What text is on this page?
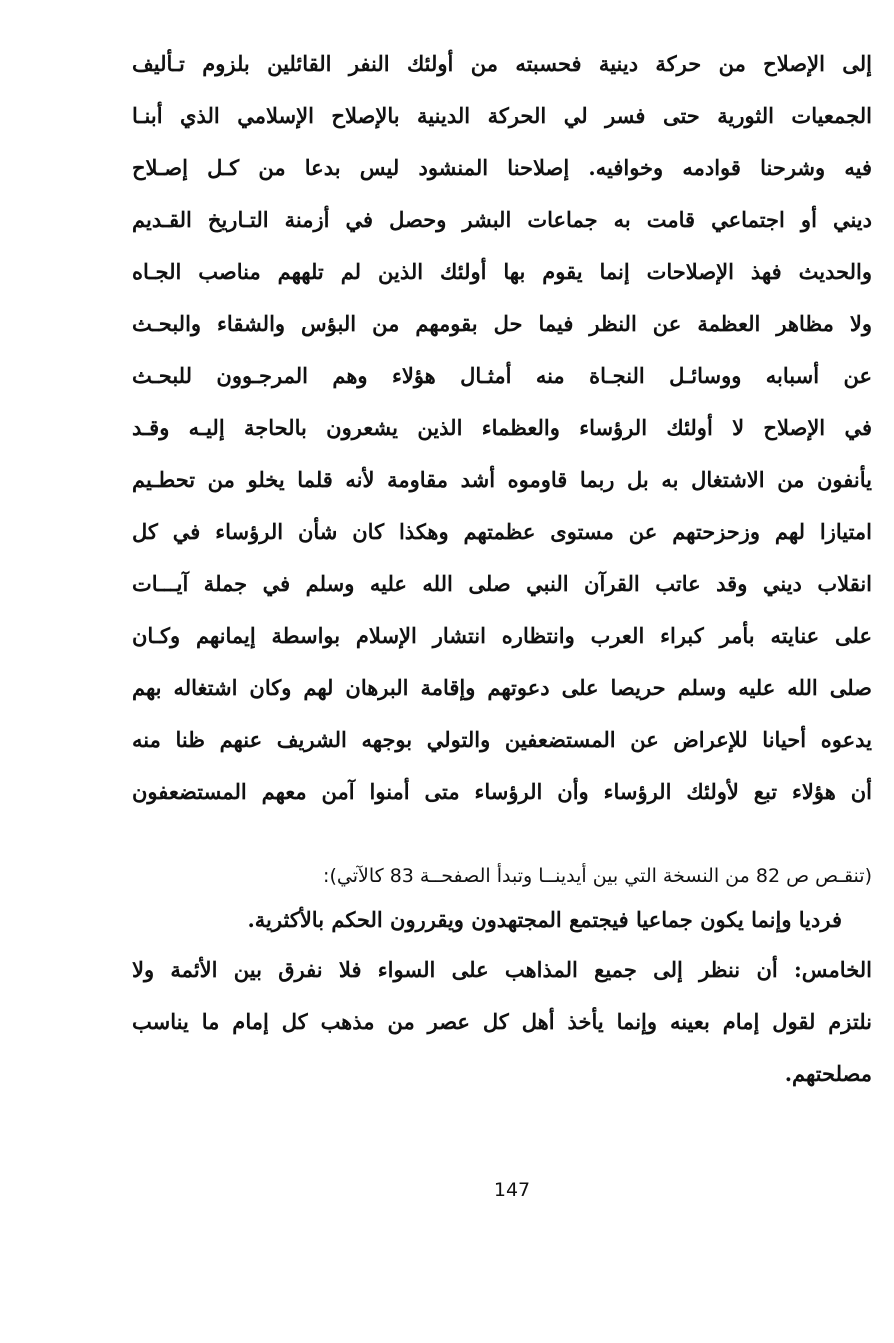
إلى الإصلاح من حركة دينية فحسبته من أولئك النفر القائلين بلزوم تـأليف
الجمعيات الثورية حتى فسر لي الحركة الدينية بالإصلاح الإسلامي الذي أبنـا
فيه وشرحنا قوادمه وخوافيه. إصلاحنا المنشود ليس بدعا من كـل إصـلاح
ديني أو اجتماعي قامت به جماعات البشر وحصل في أزمنة التـاريخ القـديم
والحديث فهذ الإصلاحات إنما يقوم بها أولئك الذين لم تلههم مناصب الجـاه
ولا مظاهر العظمة عن النظر فيما حل بقومهم من البؤس والشقاء والبحـث
عن أسبابه ووسائـل النجـاة منه أمثـال هؤلاء وهم المرجـوون للبحـث
في الإصلاح لا أولئك الرؤساء والعظماء الذين يشعرون بالحاجة إليـه وقـد
يأنفون من الاشتغال به بل ربما قاوموه أشد مقاومة لأنه قلما يخلو من تحطـيم
امتيازا لهم وزحزحتهم عن مستوى عظمتهم وهكذا كان شأن الرؤساء في كل
انقلاب ديني وقد عاتب القرآن النبي صلى الله عليه وسلم في جملة آيـــات
على عنايته بأمر كبراء العرب وانتظاره انتشار الإسلام بواسطة إيمانهم وكـان
صلى الله عليه وسلم حريصا على دعوتهم وإقامة البرهان لهم وكان اشتغاله بهم
يدعوه أحيانا للإعراض عن المستضعفين والتولي بوجهه الشريف عنهم ظنا منه
أن هؤلاء تبع لأولئك الرؤساء وأن الرؤساء متى أمنوا آمن معهم المستضعفون
(تنقـص ص 82 من النسخة التي بين أيدينــا وتبدأ الصفحــة 83 كالآتي):
فرديا وإنما يكون جماعيا فيجتمع المجتهدون ويقررون الحكم بالأكثرية.
الخامس: أن ننظر إلى جميع المذاهب على السواء فلا نفرق بين الأئمة ولا
نلتزم لقول إمام بعينه وإنما يأخذ أهل كل عصر من مذهب كل إمام ما يناسب
مصلحتهم.
147
